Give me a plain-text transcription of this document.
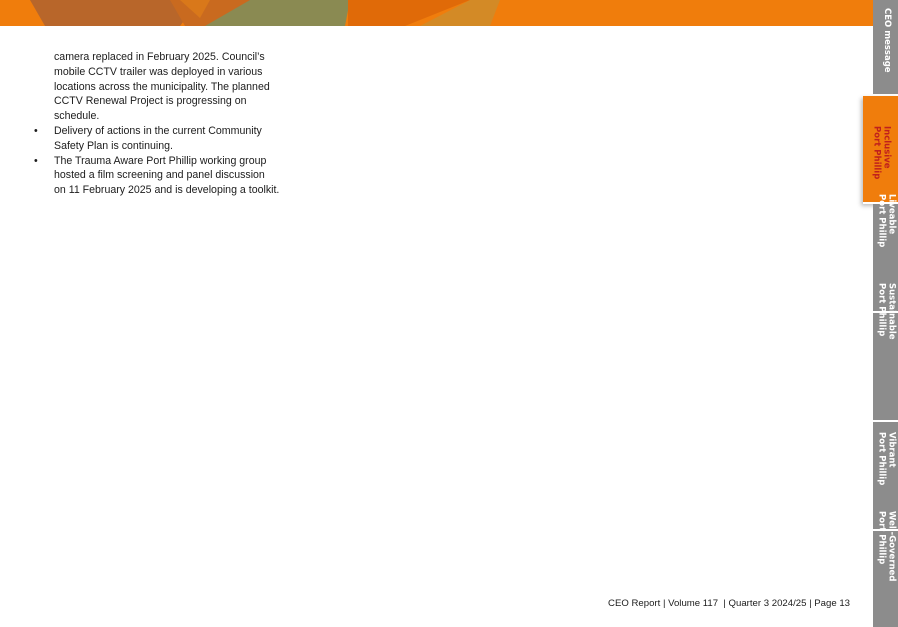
camera replaced in February 2025. Council’s
mobile CCTV trailer was deployed in various
locations across the municipality. The planned
CCTV Renewal Project is progressing on
schedule.

• Delivery of actions in the current Community
Safety Plan is continuing.
• The Trauma Aware Port Phillip working group
hosted a film screening and panel discussion
on 11 February 2025 and is developing a toolkit.
CEO Report | Volume 117  | Quarter 3 2024/25 | Page 13
CEO message
Inclusive
Port Phillip
Liveable
Port Phillip
Sustainable
Port Phillip
Vibrant
Port Phillip
Well-Governed
Port Phillip
